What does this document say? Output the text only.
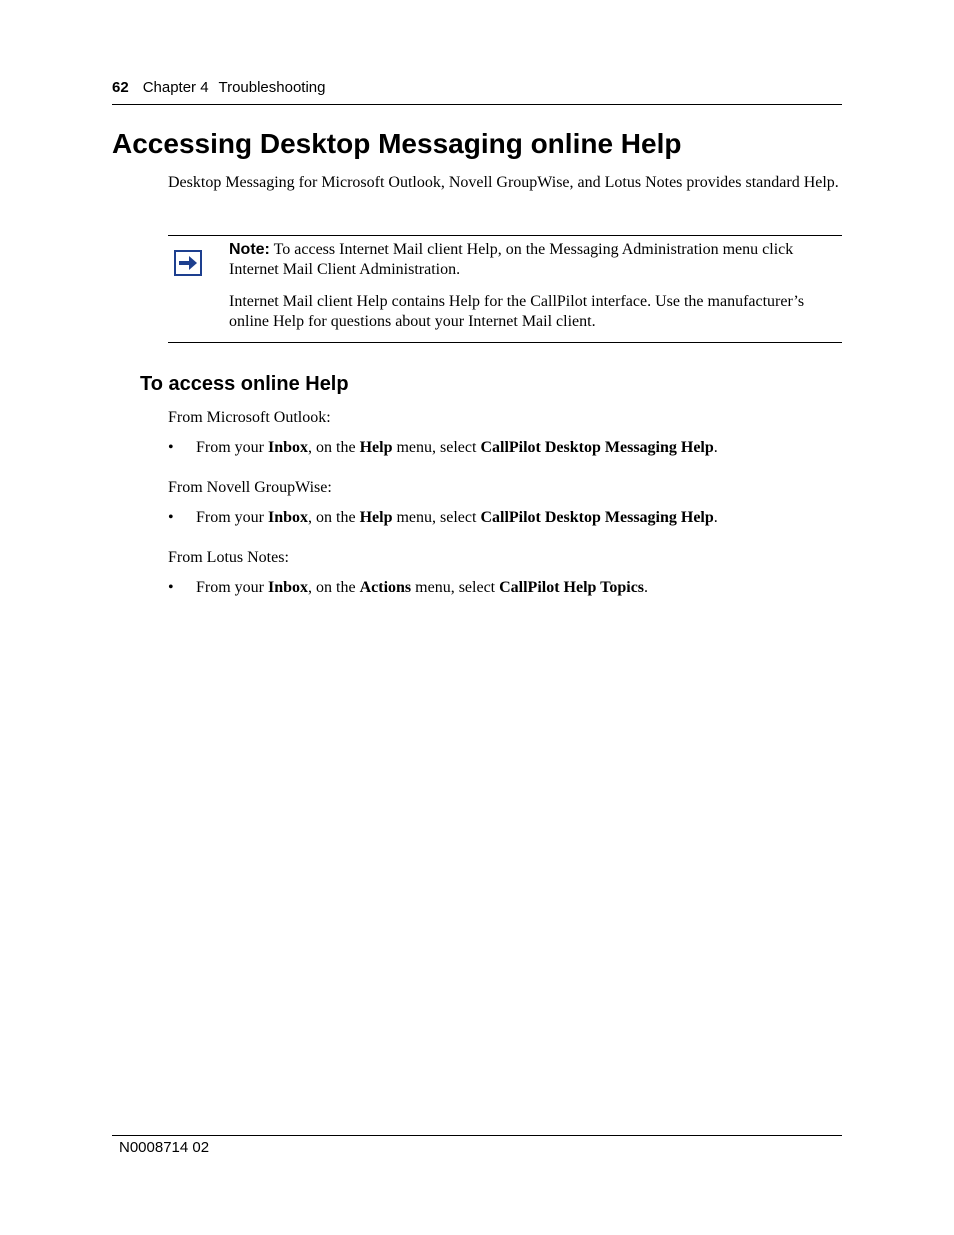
62 Chapter 4 Troubleshooting
Accessing Desktop Messaging online Help

Desktop Messaging for Microsoft Outlook, Novell GroupWise, and Lotus Notes provides standard Help.

Note: To access Internet Mail client Help, on the Messaging Administration menu click Internet Mail Client Administration.

Internet Mail client Help contains Help for the CallPilot interface. Use the manufacturer’s online Help for questions about your Internet Mail client.

To access online Help

From Microsoft Outlook:

• From your Inbox, on the Help menu, select CallPilot Desktop Messaging Help.

From Novell GroupWise:

• From your Inbox, on the Help menu, select CallPilot Desktop Messaging Help.

From Lotus Notes:

• From your Inbox, on the Actions menu, select CallPilot Help Topics.

N0008714 02
